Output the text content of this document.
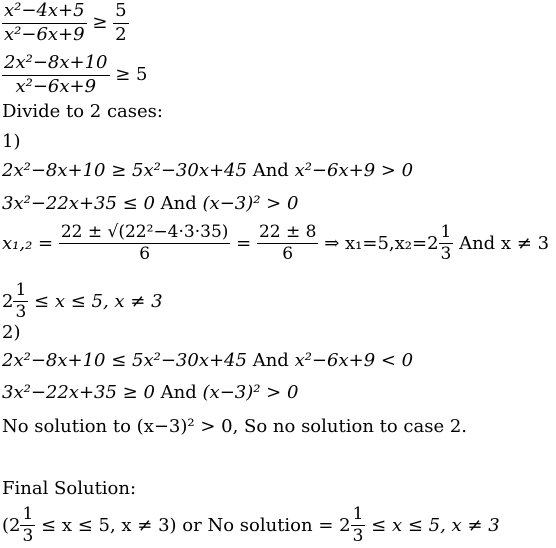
$\frac{\text{x²−4x+5}}{\text{x²−6x+9}} \ge \frac{5}{2}$
$\frac{\text{2x²−8x+10}}{\text{x²−6x+9}} \ge 5$
Divide to 2 cases:
1)
2x²−8x+10 ≥ 5x²−30x+45 And x²−6x+9 > 0
3x²−22x+35 ≤ 0 And (x−3)² > 0
$x_1,_2 = \frac{\text{22 ± √(22²−4·3·35)}}{6} = \frac{22 \pm 8}{6}$ ⇒ $x_1=5,x_2=2 \frac{1}{3}$ And x ≠ 3
$2 \frac{1}{3} \le x \le 5$, x ≠ 3
2)
2x²−8x+10 ≤ 5x²−30x+45 And x²−6x+9 < 0
3x²−22x+35 ≥ 0 And (x−3)² > 0
No solution to (x−3)² > 0, So no solution to case 2.
Final Solution:
($2 \frac{1}{3} \le x \le 5$, x ≠ 3) or No solution = $2 \frac{1}{3} \le x \le 5$, x ≠ 3
